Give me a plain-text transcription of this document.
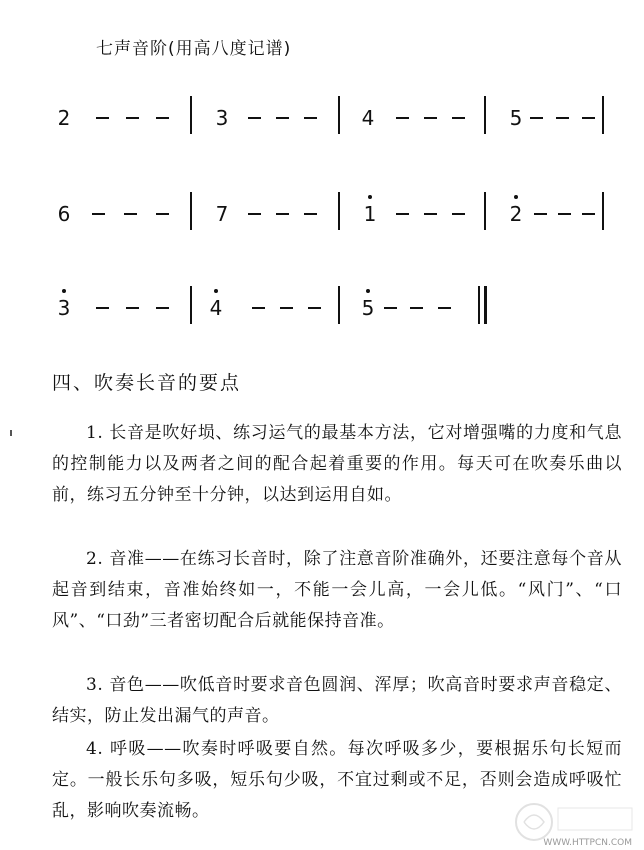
七声音阶(用高八度记谱)
2	3	4	5
6	7	1	2
3	4	5
四、吹奏长音的要点
1. 长音是吹好埙、练习运气的最基本方法，它对增强嘴的力度和气息的控制能力以及两者之间的配合起着重要的作用。每天可在吹奏乐曲以前，练习五分钟至十分钟，以达到运用自如。
2. 音准——在练习长音时，除了注意音阶准确外，还要注意每个音从起音到结束，音准始终如一，不能一会儿高，一会儿低。“风门”、“口风”、“口劲”三者密切配合后就能保持音准。
3. 音色——吹低音时要求音色圆润、浑厚；吹高音时要求声音稳定、结实，防止发出漏气的声音。
4. 呼吸——吹奏时呼吸要自然。每次呼吸多少，要根据乐句长短而定。一般长乐句多吸，短乐句少吸，不宜过剩或不足，否则会造成呼吸忙乱，影响吹奏流畅。
WWW.HTTPCN.COM
